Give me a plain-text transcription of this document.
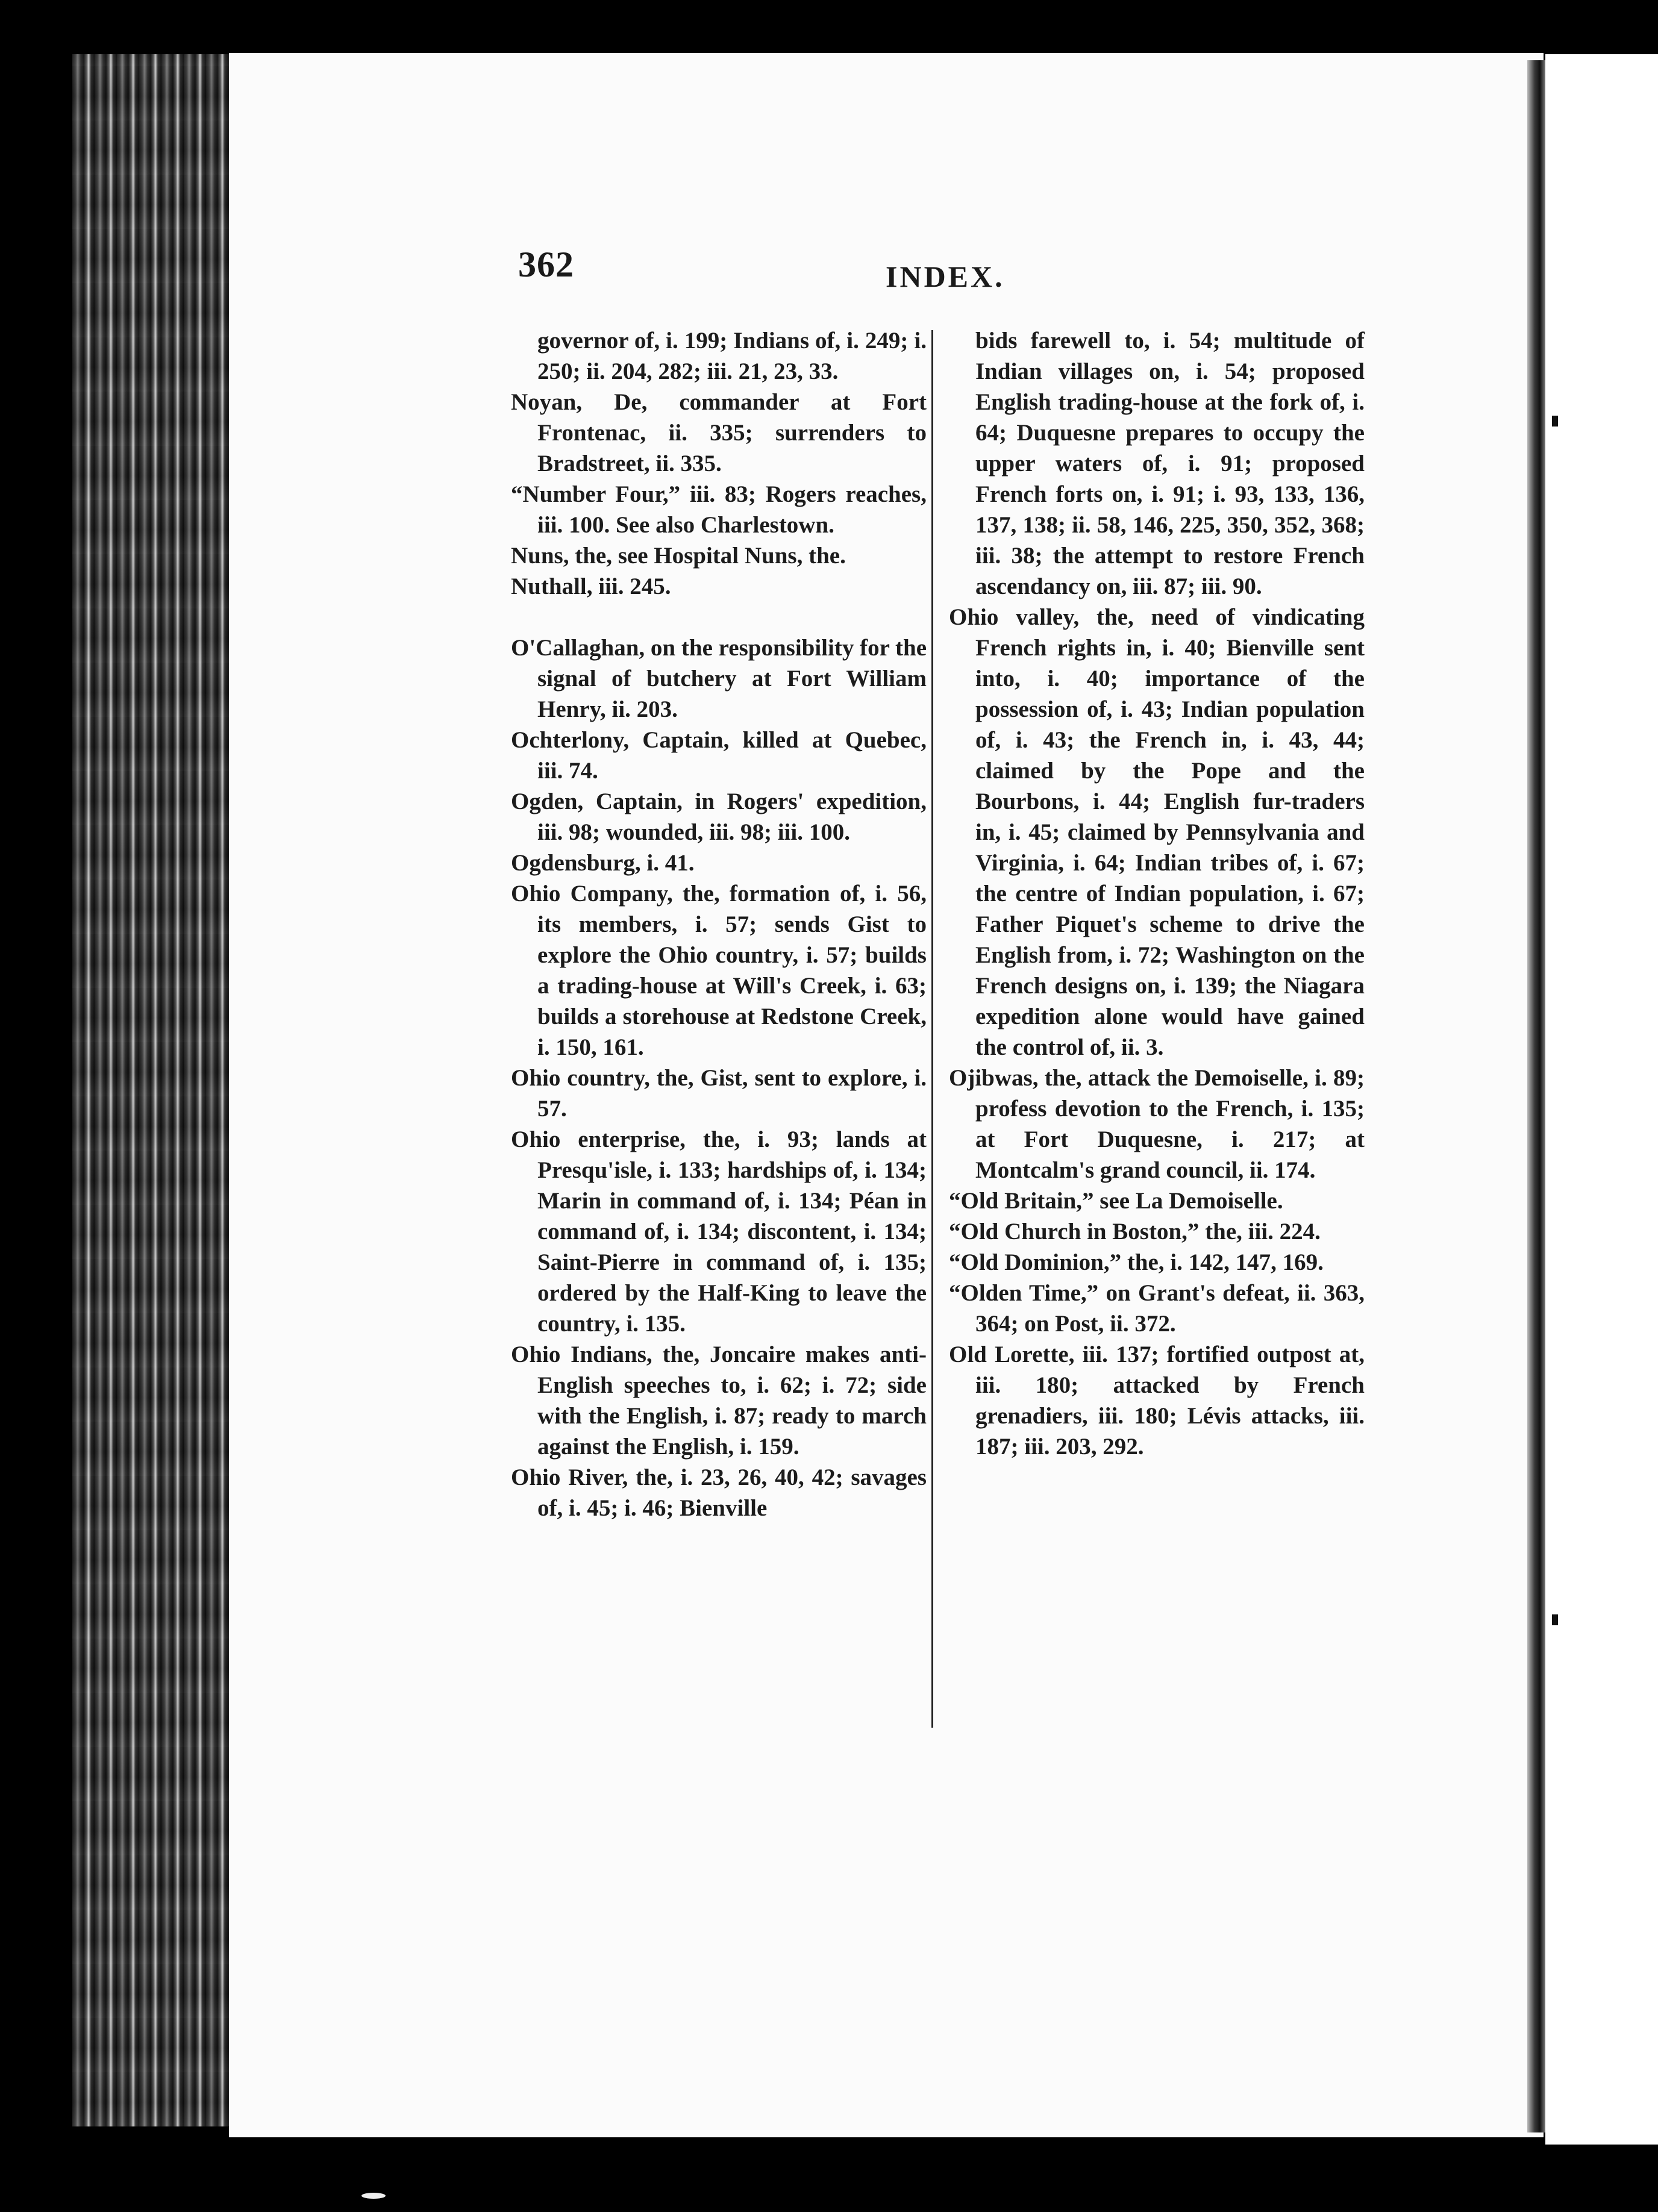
362	INDEX.

governor of, i. 199; Indians of, i. 249; i. 250; ii. 204, 282; iii. 21, 23, 33.

Noyan, De, commander at Fort Frontenac, ii. 335; surrenders to Bradstreet, ii. 335.

“Number Four,” iii. 83; Rogers reaches, iii. 100. See also Charlestown.

Nuns, the, see Hospital Nuns, the.

Nuthall, iii. 245.

O'Callaghan, on the responsibility for the signal of butchery at Fort William Henry, ii. 203.

Ochterlony, Captain, killed at Quebec, iii. 74.

Ogden, Captain, in Rogers' expedition, iii. 98; wounded, iii. 98; iii. 100.

Ogdensburg, i. 41.

Ohio Company, the, formation of, i. 56, its members, i. 57; sends Gist to explore the Ohio country, i. 57; builds a trading-house at Will's Creek, i. 63; builds a storehouse at Redstone Creek, i. 150, 161.

Ohio country, the, Gist, sent to explore, i. 57.

Ohio enterprise, the, i. 93; lands at Presqu'isle, i. 133; hardships of, i. 134; Marin in command of, i. 134; Péan in command of, i. 134; discontent, i. 134; Saint-Pierre in command of, i. 135; ordered by the Half-King to leave the country, i. 135.

Ohio Indians, the, Joncaire makes anti-English speeches to, i. 62; i. 72; side with the English, i. 87; ready to march against the English, i. 159.

Ohio River, the, i. 23, 26, 40, 42; savages of, i. 45; i. 46; Bienville

bids farewell to, i. 54; multitude of Indian villages on, i. 54; proposed English trading-house at the fork of, i. 64; Duquesne prepares to occupy the upper waters of, i. 91; proposed French forts on, i. 91; i. 93, 133, 136, 137, 138; ii. 58, 146, 225, 350, 352, 368; iii. 38; the attempt to restore French ascendancy on, iii. 87; iii. 90.

Ohio valley, the, need of vindicating French rights in, i. 40; Bienville sent into, i. 40; importance of the possession of, i. 43; Indian population of, i. 43; the French in, i. 43, 44; claimed by the Pope and the Bourbons, i. 44; English fur-traders in, i. 45; claimed by Pennsylvania and Virginia, i. 64; Indian tribes of, i. 67; the centre of Indian population, i. 67; Father Piquet's scheme to drive the English from, i. 72; Washington on the French designs on, i. 139; the Niagara expedition alone would have gained the control of, ii. 3.

Ojibwas, the, attack the Demoiselle, i. 89; profess devotion to the French, i. 135; at Fort Duquesne, i. 217; at Montcalm's grand council, ii. 174.

“Old Britain,” see La Demoiselle.

“Old Church in Boston,” the, iii. 224.

“Old Dominion,” the, i. 142, 147, 169.

“Olden Time,” on Grant's defeat, ii. 363, 364; on Post, ii. 372.

Old Lorette, iii. 137; fortified outpost at, iii. 180; attacked by French grenadiers, iii. 180; Lévis attacks, iii. 187; iii. 203, 292.
